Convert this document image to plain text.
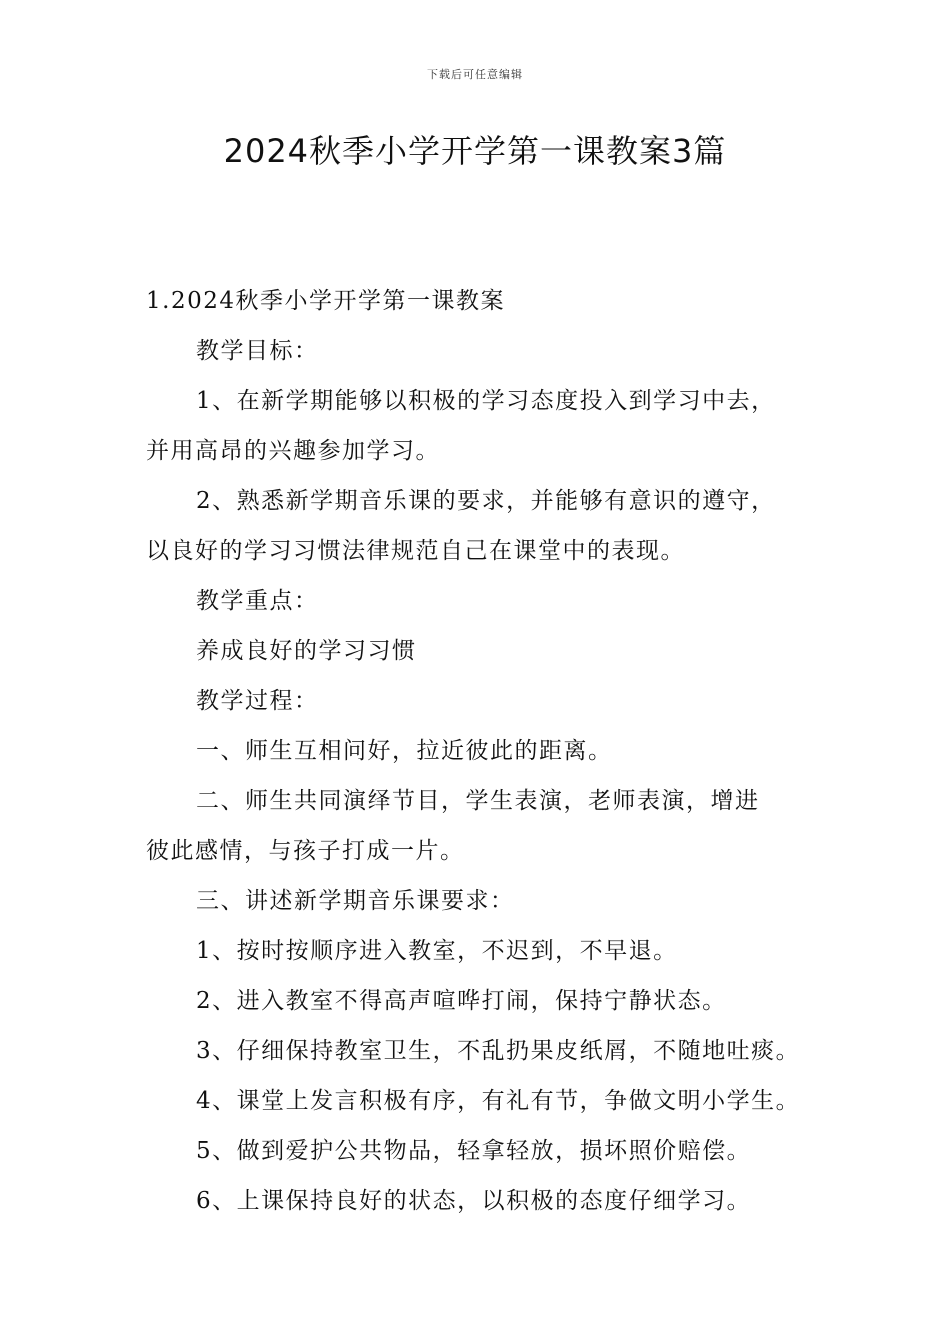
下载后可任意编辑
2024秋季小学开学第一课教案3篇
1.2024秋季小学开学第一课教案
教学目标：
1、在新学期能够以积极的学习态度投入到学习中去，
并用高昂的兴趣参加学习。
2、熟悉新学期音乐课的要求，并能够有意识的遵守，
以良好的学习习惯法律规范自己在课堂中的表现。
教学重点：
养成良好的学习习惯
教学过程：
一、师生互相问好，拉近彼此的距离。
二、师生共同演绎节目，学生表演，老师表演，增进
彼此感情，与孩子打成一片。
三、讲述新学期音乐课要求：
1、按时按顺序进入教室，不迟到，不早退。
2、进入教室不得高声喧哗打闹，保持宁静状态。
3、仔细保持教室卫生，不乱扔果皮纸屑，不随地吐痰。
4、课堂上发言积极有序，有礼有节，争做文明小学生。
5、做到爱护公共物品，轻拿轻放，损坏照价赔偿。
6、上课保持良好的状态，以积极的态度仔细学习。
